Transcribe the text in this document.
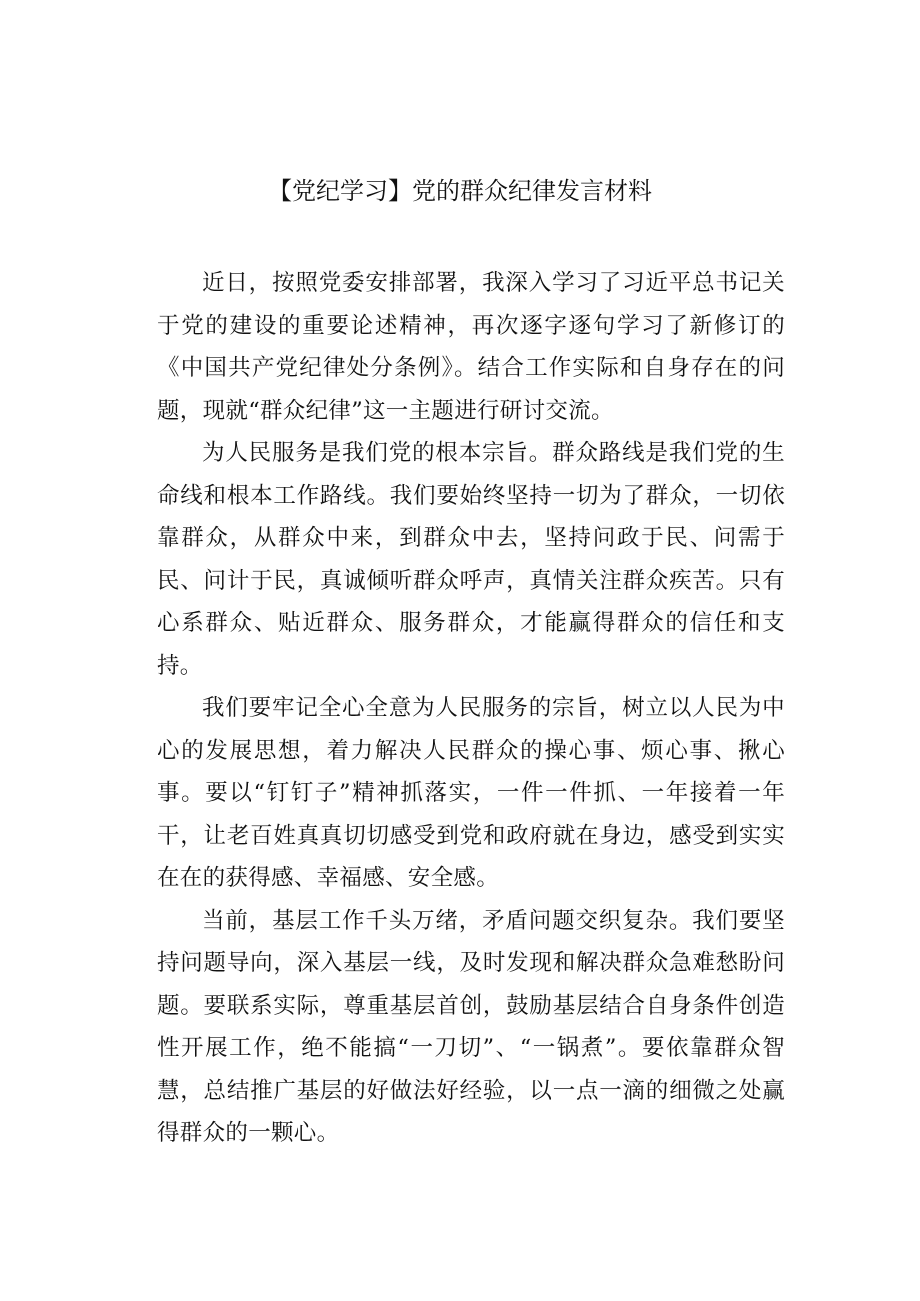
【党纪学习】党的群众纪律发言材料

近日，按照党委安排部署，我深入学习了习近平总书记关于党的建设的重要论述精神，再次逐字逐句学习了新修订的《中国共产党纪律处分条例》。结合工作实际和自身存在的问题，现就“群众纪律”这一主题进行研讨交流。

为人民服务是我们党的根本宗旨。群众路线是我们党的生命线和根本工作路线。我们要始终坚持一切为了群众，一切依靠群众，从群众中来，到群众中去，坚持问政于民、问需于民、问计于民，真诚倾听群众呼声，真情关注群众疾苦。只有心系群众、贴近群众、服务群众，才能赢得群众的信任和支持。

我们要牢记全心全意为人民服务的宗旨，树立以人民为中心的发展思想，着力解决人民群众的操心事、烦心事、揪心事。要以“钉钉子”精神抓落实，一件一件抓、一年接着一年干，让老百姓真真切切感受到党和政府就在身边，感受到实实在在的获得感、幸福感、安全感。

当前，基层工作千头万绪，矛盾问题交织复杂。我们要坚持问题导向，深入基层一线，及时发现和解决群众急难愁盼问题。要联系实际，尊重基层首创，鼓励基层结合自身条件创造性开展工作，绝不能搞“一刀切”、“一锅煮”。要依靠群众智慧，总结推广基层的好做法好经验，以一点一滴的细微之处赢得群众的一颗心。
